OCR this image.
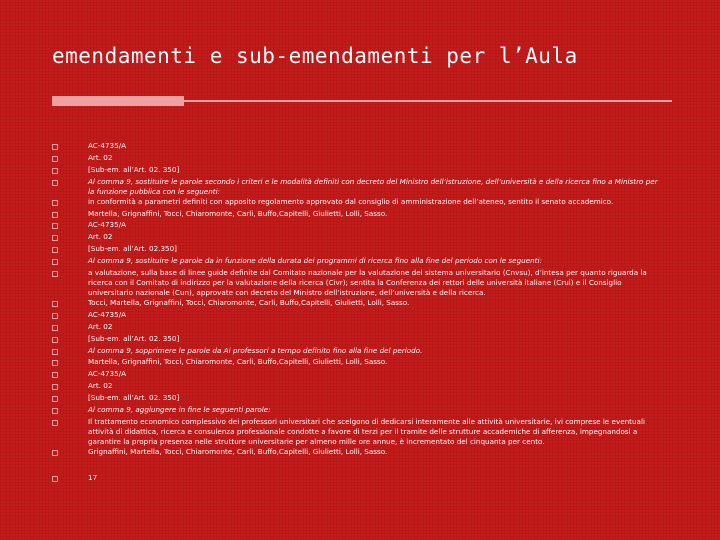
emendamenti e sub-emendamenti per l’Aula
AC-4735/A
Art. 02
[Sub-em. all’Art. 02. 350]
Al comma 9, sostituire le parole secondo i criteri e le modalità definiti con decreto del Ministro dell’istruzione, dell’università e della ricerca fino a Ministro per la funzione pubblica con le seguenti:
in conformità a parametri definiti con apposito regolamento approvato dal consiglio di amministrazione dell’ateneo, sentito il senato accademico.
Martella, Grignaffini, Tocci, Chiaromonte, Carli, Buffo,Capitelli, Giulietti, Lolli, Sasso.
AC-4735/A
Art. 02
[Sub-em. all’Art. 02.350]
Al comma 9, sostituire le parole da in funzione della durata dei programmi di ricerca fino alla fine del periodo con le seguenti:
a valutazione, sulla base di linee guide definite dal Comitato nazionale per la valutazione del sistema universitario (Cnvsu), d’intesa per quanto riguarda la ricerca con il Comitato di indirizzo per la valutazione della ricerca (Civr); sentita la Conferenza dei rettori delle università italiane (Crui) e il Consiglio universitario nazionale (Cun), approvate con decreto del Ministro dell’istruzione, dell’università e della ricerca.
Tocci, Martella, Grignaffini, Tocci, Chiaromonte, Carli, Buffo,Capitelli, Giulietti, Lolli, Sasso.
AC-4735/A
Art. 02
[Sub-em. all’Art. 02. 350]
Al comma 9, sopprimere le parole da Ai professori a tempo definito fino alla fine del periodo.
Martella, Grignaffini, Tocci, Chiaromonte, Carli, Buffo,Capitelli, Giulietti, Lolli, Sasso.
AC-4735/A
Art. 02
[Sub-em. all’Art. 02. 350]
Al comma 9, aggiungere in fine le seguenti parole:
Il trattamento economico complessivo dei professori universitari che scelgono di dedicarsi interamente alle attività universitarie, ivi comprese le eventuali attività di didattica, ricerca e consulenza professionale condotte a favore di terzi per il tramite delle strutture accademiche di afferenza, impegnandosi a garantire la propria presenza nelle strutture universitarie per almeno mille ore annue, è incrementato del cinquanta per cento.
Grignaffini, Martella, Tocci, Chiaromonte, Carli, Buffo,Capitelli, Giulietti, Lolli, Sasso.
17
